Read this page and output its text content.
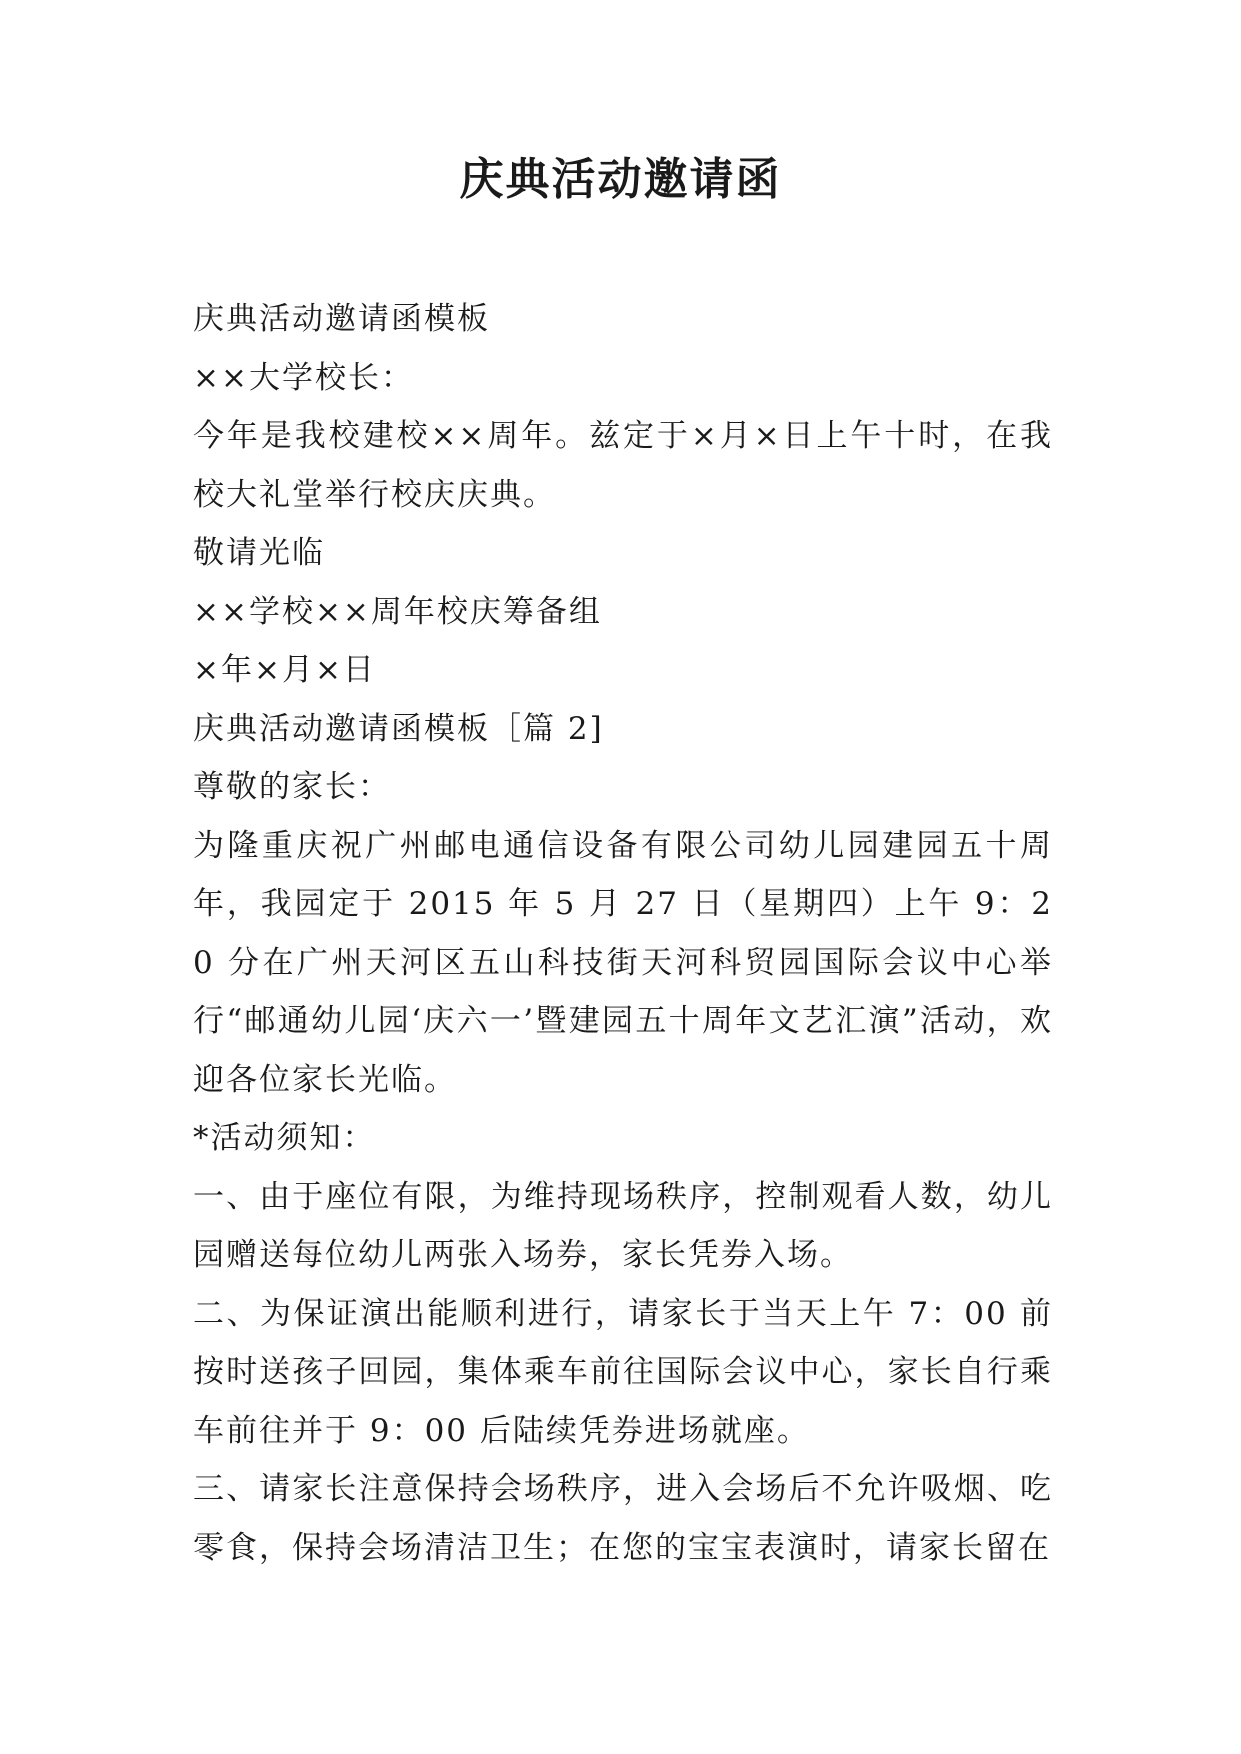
庆典活动邀请函

庆典活动邀请函模板

××大学校长：

今年是我校建校××周年。兹定于×月×日上午十时，在我校大礼堂举行校庆庆典。

敬请光临

××学校××周年校庆筹备组

×年×月×日

庆典活动邀请函模板［篇 2]

尊敬的家长：

为隆重庆祝广州邮电通信设备有限公司幼儿园建园五十周年，我园定于 2015 年 5 月 27 日（星期四）上午 9：20 分在广州天河区五山科技街天河科贸园国际会议中心举行“邮通幼儿园‘庆六一’暨建园五十周年文艺汇演”活动，欢迎各位家长光临。

*活动须知：

一、由于座位有限，为维持现场秩序，控制观看人数，幼儿园赠送每位幼儿两张入场券，家长凭券入场。

二、为保证演出能顺利进行，请家长于当天上午 7：00 前按时送孩子回园，集体乘车前往国际会议中心，家长自行乘车前往并于 9：00 后陆续凭券进场就座。

三、请家长注意保持会场秩序，进入会场后不允许吸烟、吃零食，保持会场清洁卫生；在您的宝宝表演时，请家长留在
